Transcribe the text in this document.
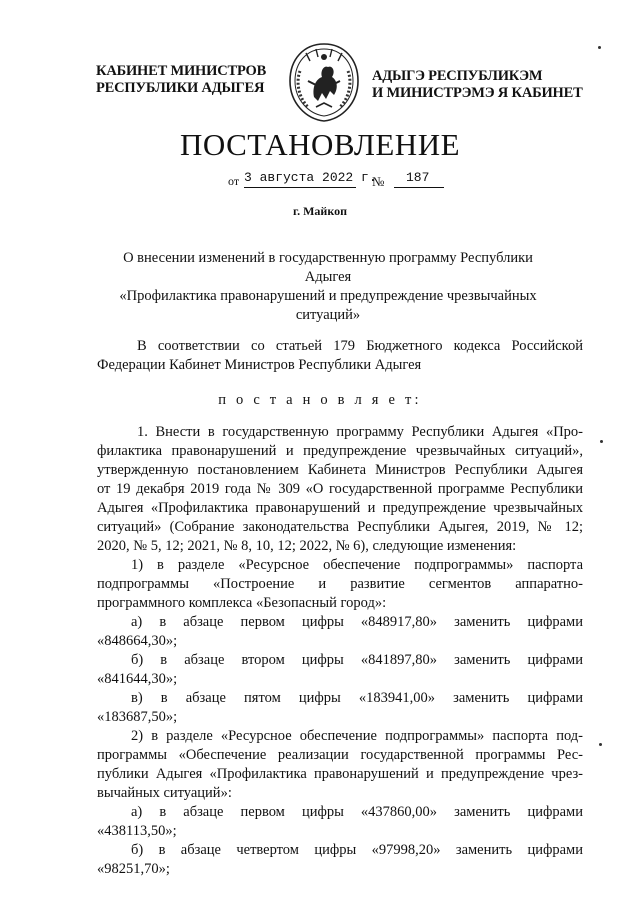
КАБИНЕТ МИНИСТРОВ
РЕСПУБЛИКИ АДЫГЕЯ
АДЫГЭ РЕСПУБЛИКЭМ
И МИНИСТРЭМЭ Я КАБИНЕТ
ПОСТАНОВЛЕНИЕ
от 3 августа 2022 г.
№ 187
г. Майкоп
О внесении изменений в государственную программу Республики Адыгея
«Профилактика правонарушений и предупреждение чрезвычайных
ситуаций»
В соответствии со статьей 179 Бюджетного кодекса Российской
Федерации Кабинет Министров Республики Адыгея
п о с т а н о в л я е т:
1. Внести в государственную программу Республики Адыгея «Про-
филактика правонарушений и предупреждение чрезвычайных ситуаций»,
утвержденную постановлением Кабинета Министров Республики Адыгея
от 19 декабря 2019 года № 309 «О государственной программе Республики
Адыгея «Профилактика правонарушений и предупреждение чрезвычайных
ситуаций» (Собрание законодательства Республики Адыгея, 2019, № 12;
2020, № 5, 12; 2021, № 8, 10, 12; 2022, № 6), следующие изменения:
1) в разделе «Ресурсное обеспечение подпрограммы» паспорта
подпрограммы «Построение и развитие сегментов аппаратно-
программного комплекса «Безопасный город»:
а) в абзаце первом цифры «848917,80» заменить цифрами
«848664,30»;
б) в абзаце втором цифры «841897,80» заменить цифрами
«841644,30»;
в) в абзаце пятом цифры «183941,00» заменить цифрами
«183687,50»;
2) в разделе «Ресурсное обеспечение подпрограммы» паспорта под-
программы «Обеспечение реализации государственной программы Рес-
публики Адыгея «Профилактика правонарушений и предупреждение чрез-
вычайных ситуаций»:
а) в абзаце первом цифры «437860,00» заменить цифрами
«438113,50»;
б) в абзаце четвертом цифры «97998,20» заменить цифрами
«98251,70»;
